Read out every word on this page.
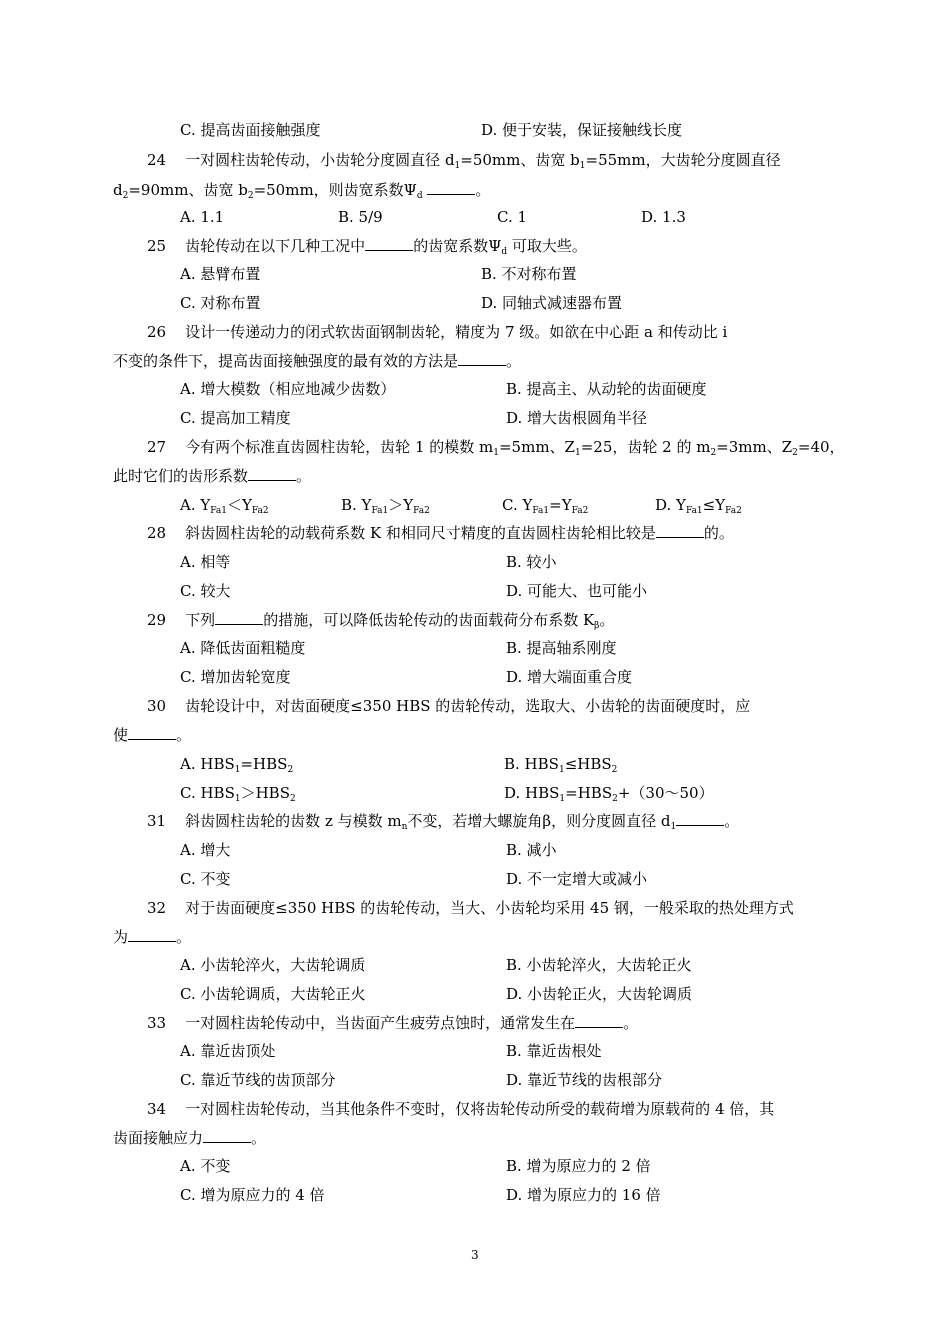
C. 提高齿面接触强度	D. 便于安装，保证接触线长度
24 一对圆柱齿轮传动，小齿轮分度圆直径 $d_1=50mm$、齿宽 $b_1=55mm$，大齿轮分度圆直径
$d_2=90mm$、齿宽 $b_2=50mm$，则齿宽系数$\Psi_d$	。
A. 1.1	B. 5/9	C. 1	D. 1.3
25 齿轮传动在以下几种工况中	的齿宽系数$\Psi_d$ 可取大些。
A. 悬臂布置	B. 不对称布置
C. 对称布置	D. 同轴式减速器布置
26 设计一传递动力的闭式软齿面钢制齿轮，精度为 7 级。如欲在中心距 a 和传动比 i
不变的条件下，提高齿面接触强度的最有效的方法是	。
A. 增大模数（相应地减少齿数）	B. 提高主、从动轮的齿面硬度
C. 提高加工精度	D. 增大齿根圆角半径
27 今有两个标准直齿圆柱齿轮，齿轮 1 的模数 $m_1=5mm$、$Z_1=25$，齿轮 2 的 $m_2=3mm$、$Z_2=40$，
此时它们的齿形系数	。
A. $Y_{Fa1}<Y_{Fa2}$	B. $Y_{Fa1}>Y_{Fa2}$	C. $Y_{Fa1}=Y_{Fa2}$	D. $Y_{Fa1}\le Y_{Fa2}$
28 斜齿圆柱齿轮的动载荷系数 K 和相同尺寸精度的直齿圆柱齿轮相比较是	的。
A. 相等	B. 较小
C. 较大	D. 可能大、也可能小
29 下列	的措施，可以降低齿轮传动的齿面载荷分布系数 $K_\beta$。
A. 降低齿面粗糙度	B. 提高轴系刚度
C. 增加齿轮宽度	D. 增大端面重合度
30 齿轮设计中，对齿面硬度≤350 HBS 的齿轮传动，选取大、小齿轮的齿面硬度时，应
使	。
A. $HBS_1=HBS_2$	B. $HBS_1\le HBS_2$
C. $HBS_1>HBS_2$	D. $HBS_1=HBS_2+(30\sim 50)$
31 斜齿圆柱齿轮的齿数 z 与模数 $m_n$不变，若增大螺旋角β，则分度圆直径 $d_1$	。
A. 增大	B. 减小
C. 不变	D. 不一定增大或减小
32 对于齿面硬度≤350 HBS 的齿轮传动，当大、小齿轮均采用 45 钢，一般采取的热处理方式
为	。
A. 小齿轮淬火，大齿轮调质	B. 小齿轮淬火，大齿轮正火
C. 小齿轮调质，大齿轮正火	D. 小齿轮正火，大齿轮调质
33 一对圆柱齿轮传动中，当齿面产生疲劳点蚀时，通常发生在	。
A. 靠近齿顶处	B. 靠近齿根处
C. 靠近节线的齿顶部分	D. 靠近节线的齿根部分
34 一对圆柱齿轮传动，当其他条件不变时，仅将齿轮传动所受的载荷增为原载荷的 4 倍，其
齿面接触应力	。
A. 不变	B. 增为原应力的 2 倍
C. 增为原应力的 4 倍	D. 增为原应力的 16 倍
3
